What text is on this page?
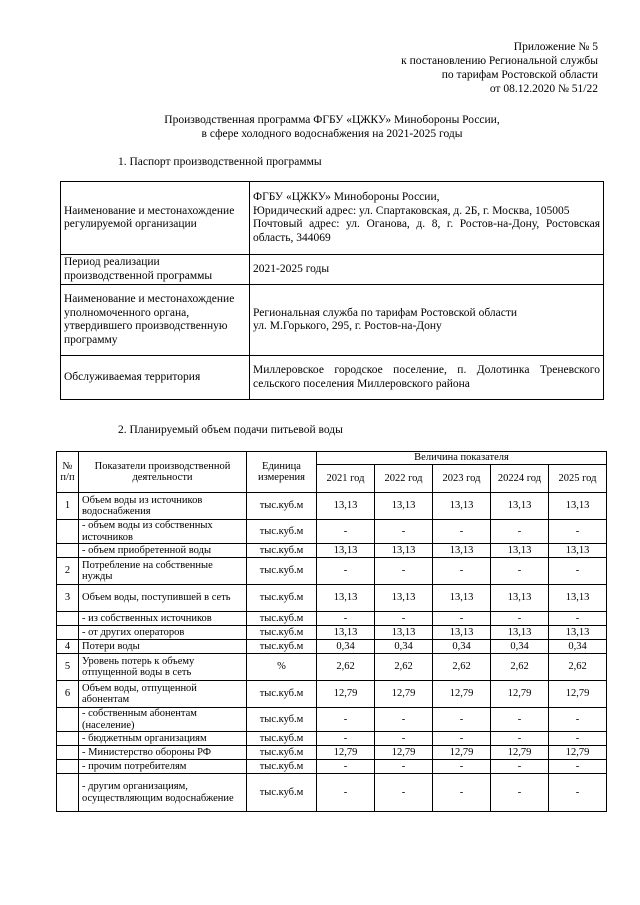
Приложение № 5
к постановлению Региональной службы
по тарифам Ростовской области
от 08.12.2020 № 51/22
Производственная программа ФГБУ «ЦЖКУ» Минобороны России,
в сфере холодного водоснабжения на 2021-2025 годы
1. Паспорт производственной программы
Наименование и местонахождение регулируемой организации	ФГБУ «ЦЖКУ» Минобороны России,
Юридический адрес: ул. Спартаковская, д. 2Б, г. Москва, 105005
Почтовый адрес: ул. Оганова, д. 8, г. Ростов-на-Дону, Ростовская область, 344069

Период реализации производственной программы	2021-2025 годы

Наименование и местонахождение уполномоченного органа, утвердившего производственную программу	Региональная служба по тарифам Ростовской области
ул. М.Горького, 295, г. Ростов-на-Дону

Обслуживаемая территория	Миллеровское городское поселение, п. Долотинка Треневского сельского поселения Миллеровского района
2. Планируемый объем подачи питьевой воды
№ п/п	Показатели производственной деятельности	Единица измерения	Величина показателя				
			2021 год	2022 год	2023 год	20224 год	2025 год
1	Объем воды из источников водоснабжения	тыс.куб.м	13,13	13,13	13,13	13,13	13,13
	- объем воды из собственных источников	тыс.куб.м	-	-	-	-	-
	- объем приобретенной воды	тыс.куб.м	13,13	13,13	13,13	13,13	13,13
2	Потребление на собственные нужды	тыс.куб.м	-	-	-	-	-
3	Объем воды, поступившей в сеть	тыс.куб.м	13,13	13,13	13,13	13,13	13,13
	- из собственных источников	тыс.куб.м	-	-	-	-	-
	- от других операторов	тыс.куб.м	13,13	13,13	13,13	13,13	13,13
4	Потери воды	тыс.куб.м	0,34	0,34	0,34	0,34	0,34
5	Уровень потерь к объему отпущенной воды в сеть	%	2,62	2,62	2,62	2,62	2,62
6	Объем воды, отпущенной абонентам	тыс.куб.м	12,79	12,79	12,79	12,79	12,79
	- собственным абонентам (население)	тыс.куб.м	-	-	-	-	-
	- бюджетным организациям	тыс.куб.м	-	-	-	-	-
	- Министерство обороны РФ	тыс.куб.м	12,79	12,79	12,79	12,79	12,79
	- прочим потребителям	тыс.куб.м	-	-	-	-	-
	- другим организациям, осуществляющим водоснабжение	тыс.куб.м	-	-	-	-	-
